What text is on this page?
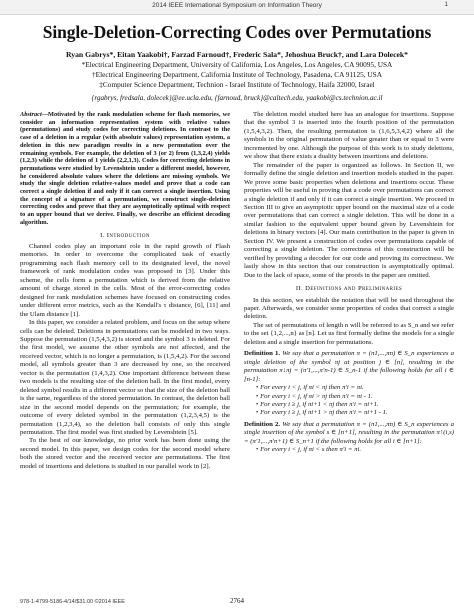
2014 IEEE International Symposium on Information Theory	1
Single-Deletion-Correcting Codes over Permutations
Ryan Gabrys*, Eitan Yaakobi†, Farzad Farnoud†, Frederic Sala*, Jehoshua Bruck†, and Lara Dolecek*
*Electrical Engineering Department, University of California, Los Angeles, Los Angeles, CA 90095, USA
†Electrical Engineering Department, California Institute of Technology, Pasadena, CA 91125, USA
‡Computer Science Department, Technion - Israel Institute of Technology, Haifa 32000, Israel
{rgabrys, fredsala, dolecek}@ee.ucla.edu, {farnoud, bruck}@caltech.edu, yaakobi@cs.technion.ac.il

Abstract—Motivated by the rank modulation scheme for flash memories, we consider an information representation system with relative values (permutations) and study codes for correcting deletions. In contrast to the case of a deletion in a regular (with absolute values) representation system, a deletion in this new paradigm results in a new permutation over the remaining symbols. For example, the deletion of 3 (or 2) from (1,3,2,4) yields (1,2,3) while the deletion of 1 yields (2,2,1,3). Codes for correcting deletions in permutations were studied by Levenshtein under a different model, however, he considered absolute values where the deletions are missing symbols. We study the single deletion relative-values model and prove that a code can correct a single deletion if and only if it can correct a single insertion. Using the concept of a signature of a permutation, we construct single-deletion correcting codes and prove that they are asymptotically optimal with respect to an upper bound that we derive. Finally, we describe an efficient decoding algorithm.

I. Introduction

Channel codes play an important role in the rapid growth of Flash memories. In order to overcome the complicated task of exactly programming each flash memory cell to its designated level, the novel framework of rank modulation codes was proposed in [3]. Under this scheme, the cells form a permutation which is derived from the relative amount of charge stored in the cells. Most of the error-correcting codes designed for rank modulation schemes have focused on constructing codes under different error metrics, such as the Kendall's τ distance, [6], [11] and the Ulam distance [1].

In this paper, we consider a related problem, and focus on the setup where cells can be deleted. Deletions in permutations can be modeled in two ways. Suppose the permutation (1,5,4,3,2) is stored and the symbol 3 is deleted. For the first model, we assume the other symbols are not affected, and the received vector, which is no longer a permutation, is (1,5,4,2). For the second model, all symbols greater than 3 are decreased by one, so the received vector is the permutation (1,4,3,2). One important difference between these two models is the resulting size of the deletion ball. In the first model, every deleted symbol results in a different vector so that the size of the deletion ball is the same, regardless of the stored permutation. In contrast, the deletion ball size in the second model depends on the permutation; for example, the outcome of every deleted symbol in the permutation (1,2,3,4,5) is the permutation (1,2,3,4), so the deletion ball consists of only this single permutation. The first model was first studied by Levenshtein [5].

To the best of our knowledge, no prior work has been done using the second model. In this paper, we design codes for the second model where both the stored vector and the received vector are permutations. The first model of insertions and deletions is studied in our parallel work in [2].

The deletion model studied here has an analogue for insertions. Suppose that the symbol 3 is inserted into the fourth position of the permutation (1,5,4,3,2). Then, the resulting permutation is (1,6,5,3,4,2) where all the symbols in the original permutation of value greater than or equal to 3 were incremented by one. Although the purpose of this work is to study deletions, we show that there exists a duality between insertions and deletions.

The remainder of the paper is organized as follows. In Section II, we formally define the single deletion and insertion models studied in the paper. We prove some basic properties when deletions and insertions occur. These properties will be useful in proving that a code over permutations can correct a single deletion if and only if it can correct a single insertion. We proceed in Section III to give an asymptotic upper bound on the maximal size of a code over permutations that can correct a single deletion. This will be done in a similar fashion to the equivalent upper bound given by Levenshtein for deletions in binary vectors [4]. Our main contribution in the paper is given in Section IV. We present a construction of codes over permutations capable of correcting a single deletion. The correctness of this construction will be verified by providing a decoder for our code and proving its correctness. We lastly show in this section that our construction is asymptotically optimal. Due to the lack of space, some of the proofs in the paper are omitted.

II. Definitions and Preliminaries

In this section, we establish the notation that will be used throughout the paper. Afterwards, we consider some properties of codes that correct a single deletion.

The set of permutations of length n will be referred to as S_n and we refer to the set {1,2,...,n} as [n]. Let us first formally define the models for a single deletion and a single insertion for permutations.

Definition 1. We say that a permutation π = (π1,...,πn) ∈ S_n experiences a single deletion of the symbol πj at position j ∈ [n], resulting in the permutation π↓πj = (π'1,...,π'n-1) ∈ S_n-1 if the following holds for all i ∈ [n-1]:

• For every i < j, if πi < πj then π'i = πi.
• For every i < j, if πi > πj then π'i = πi - 1.
• For every i ≥ j, if πi+1 < πj then π'i = πi+1.
• For every i ≥ j, if πi+1 > πj then π'i = πi+1 - 1.

Definition 2. We say that a permutation π = (π1,...,πn) ∈ S_n experiences a single insertion of the symbol s ∈ [n+1], resulting in the permutation π↑(i,s) = (π'1,...,π'n+1) ∈ S_n+1 if the following holds for all i ∈ [n+1]:

• For every i < j, if πi < s then π'i = πi.
978-1-4799-5186-4/14/$31.00 ©2014 IEEE	2764
